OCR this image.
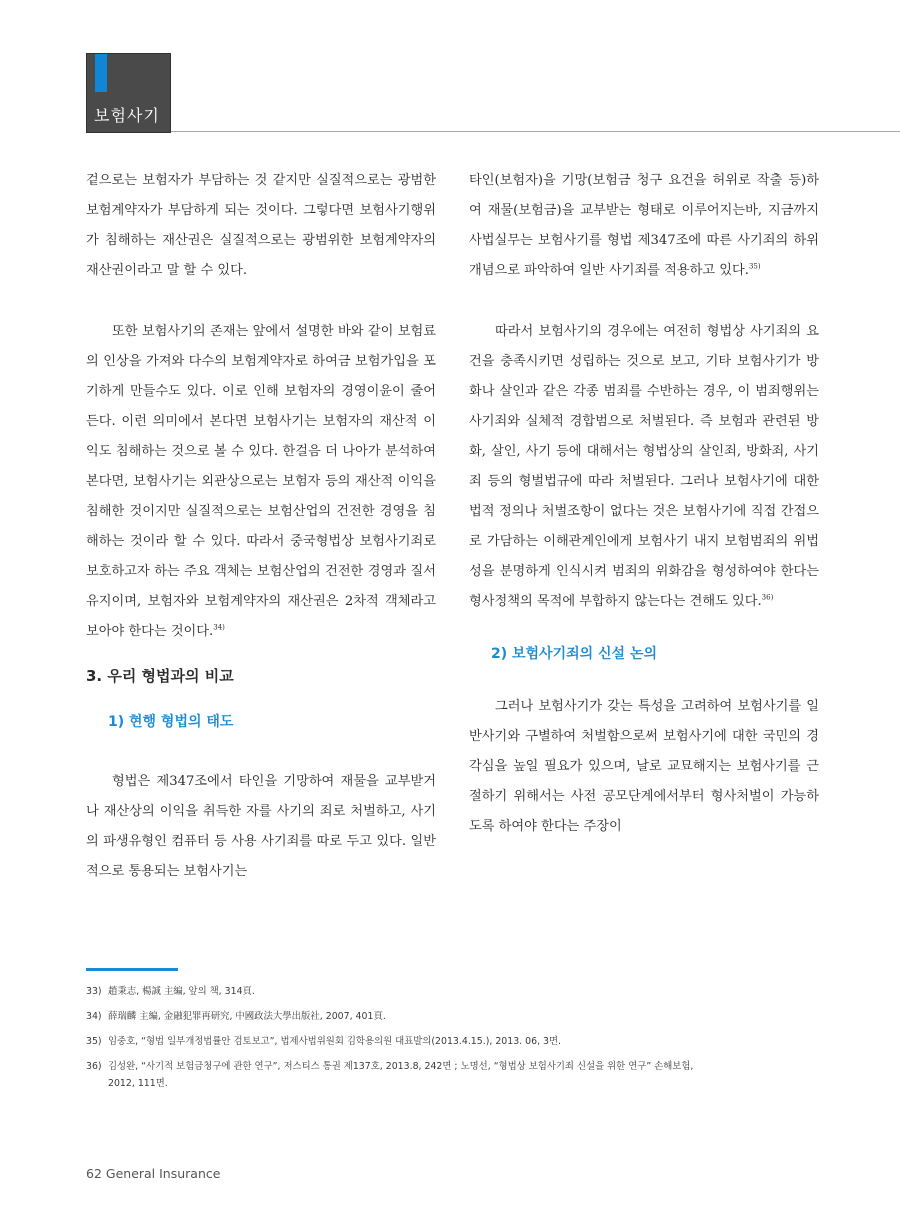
보험사기

겉으로는 보험자가 부담하는 것 같지만 실질적으로는 광범한 보험계약자가 부담하게 되는 것이다. 그렇다면 보험사기행위가 침해하는 재산권은 실질적으로는 광범위한 보험계약자의 재산권이라고 말 할 수 있다.

또한 보험사기의 존재는 앞에서 설명한 바와 같이 보험료의 인상을 가져와 다수의 보험계약자로 하여금 보험가입을 포기하게 만들수도 있다. 이로 인해 보험자의 경영이윤이 줄어든다. 이런 의미에서 본다면 보험사기는 보험자의 재산적 이익도 침해하는 것으로 볼 수 있다. 한걸음 더 나아가 분석하여 본다면, 보험사기는 외관상으로는 보험자 등의 재산적 이익을 침해한 것이지만 실질적으로는 보험산업의 건전한 경영을 침해하는 것이라 할 수 있다. 따라서 중국형법상 보험사기죄로 보호하고자 하는 주요 객체는 보험산업의 건전한 경영과 질서유지이며, 보험자와 보험계약자의 재산권은 2차적 객체라고 보아야 한다는 것이다.$^{34)}$

3. 우리 형법과의 비교
1) 현행 형법의 태도

형법은 제347조에서 타인을 기망하여 재물을 교부받거나 재산상의 이익을 취득한 자를 사기의 죄로 처벌하고, 사기의 파생유형인 컴퓨터 등 사용 사기죄를 따로 두고 있다. 일반적으로 통용되는 보험사기는

타인(보험자)을 기망(보험금 청구 요건을 허위로 작출 등)하여 재물(보험금)을 교부받는 형태로 이루어지는바, 지금까지 사법실무는 보험사기를 형법 제347조에 따른 사기죄의 하위개념으로 파악하여 일반 사기죄를 적용하고 있다.$^{35)}$

따라서 보험사기의 경우에는 여전히 형법상 사기죄의 요건을 충족시키면 성립하는 것으로 보고, 기타 보험사기가 방화나 살인과 같은 각종 범죄를 수반하는 경우, 이 범죄행위는 사기죄와 실체적 경합범으로 처벌된다. 즉 보험과 관련된 방화, 살인, 사기 등에 대해서는 형법상의 살인죄, 방화죄, 사기죄 등의 형벌법규에 따라 처벌된다. 그러나 보험사기에 대한 법적 정의나 처벌조항이 없다는 것은 보험사기에 직접 간접으로 가담하는 이해관계인에게 보험사기 내지 보험범죄의 위법성을 분명하게 인식시켜 범죄의 위화감을 형성하여야 한다는 형사정책의 목적에 부합하지 않는다는 견해도 있다.$^{36)}$

2) 보험사기죄의 신설 논의

그러나 보험사기가 갖는 특성을 고려하여 보험사기를 일반사기와 구별하여 처벌함으로써 보험사기에 대한 국민의 경각심을 높일 필요가 있으며, 날로 교묘해지는 보험사기를 근절하기 위해서는 사전 공모단계에서부터 형사처벌이 가능하도록 하여야 한다는 주장이

33) 趙秉志, 楊誠 主編, 앞의 책, 314頁.

34) 薛瑞麟 主編, 金融犯罪再研究, 中國政法大學出版社, 2007, 401頁.

35) 임중호, “형법 일부개정법률안 검토보고”, 법제사법위원회 김학용의원 대표발의(2013.4.15.), 2013. 06, 3면.

36) 김성완, “사기적 보험금청구에 관한 연구”, 저스티스 통권 제137호, 2013.8, 242면 ; 노명선, “형법상 보험사기죄 신설을 위한 연구” 손해보험,

2012, 111면.

62 General Insurance
